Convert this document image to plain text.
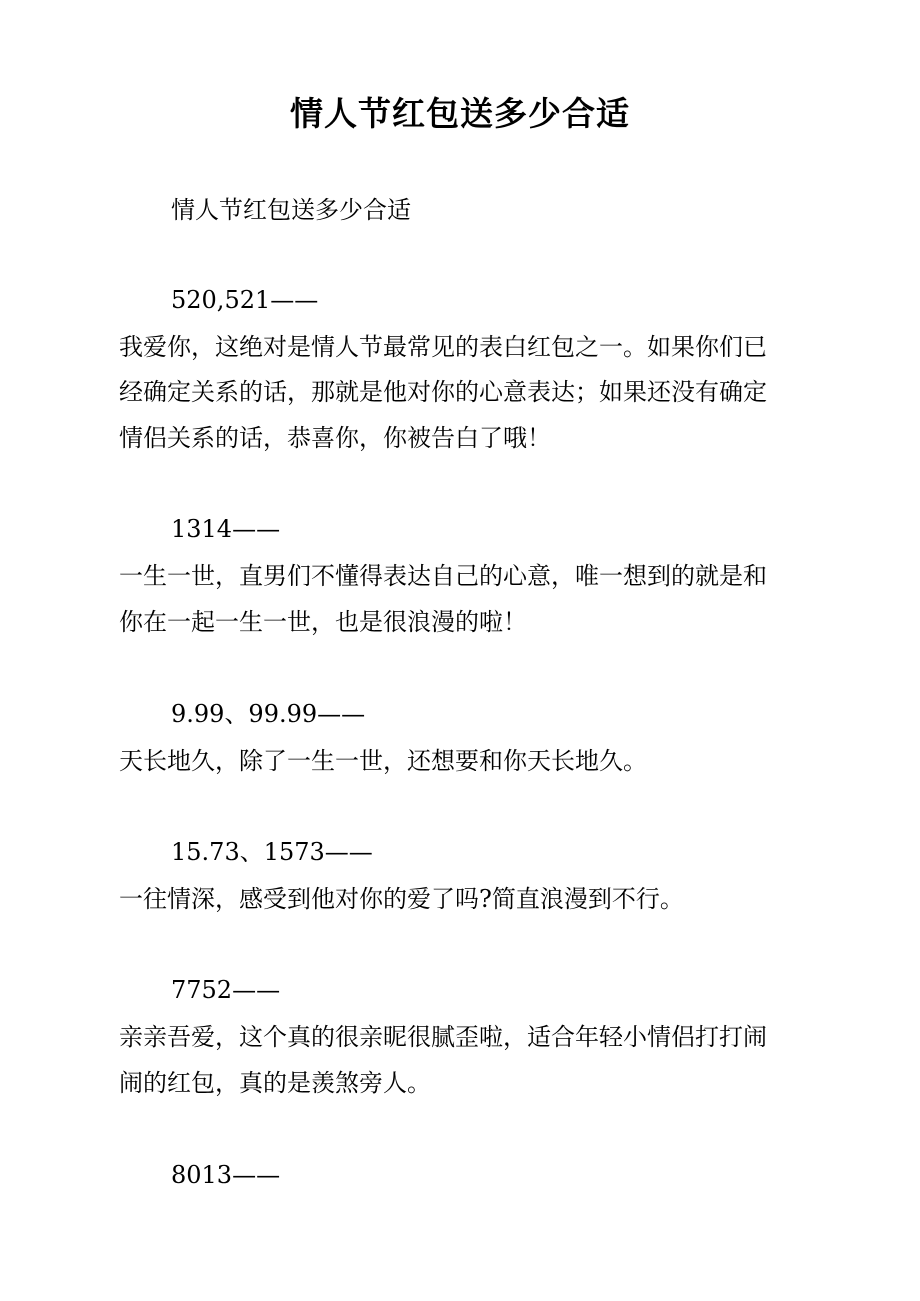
情人节红包送多少合适
情人节红包送多少合适
520,521——
我爱你，这绝对是情人节最常见的表白红包之一。如果你们已
经确定关系的话，那就是他对你的心意表达；如果还没有确定
情侣关系的话，恭喜你，你被告白了哦！
1314——
一生一世，直男们不懂得表达自己的心意，唯一想到的就是和
你在一起一生一世，也是很浪漫的啦！
9.99、99.99——
天长地久，除了一生一世，还想要和你天长地久。
15.73、1573——
一往情深，感受到他对你的爱了吗?简直浪漫到不行。
7752——
亲亲吾爱，这个真的很亲昵很腻歪啦，适合年轻小情侣打打闹
闹的红包，真的是羡煞旁人。
8013——
